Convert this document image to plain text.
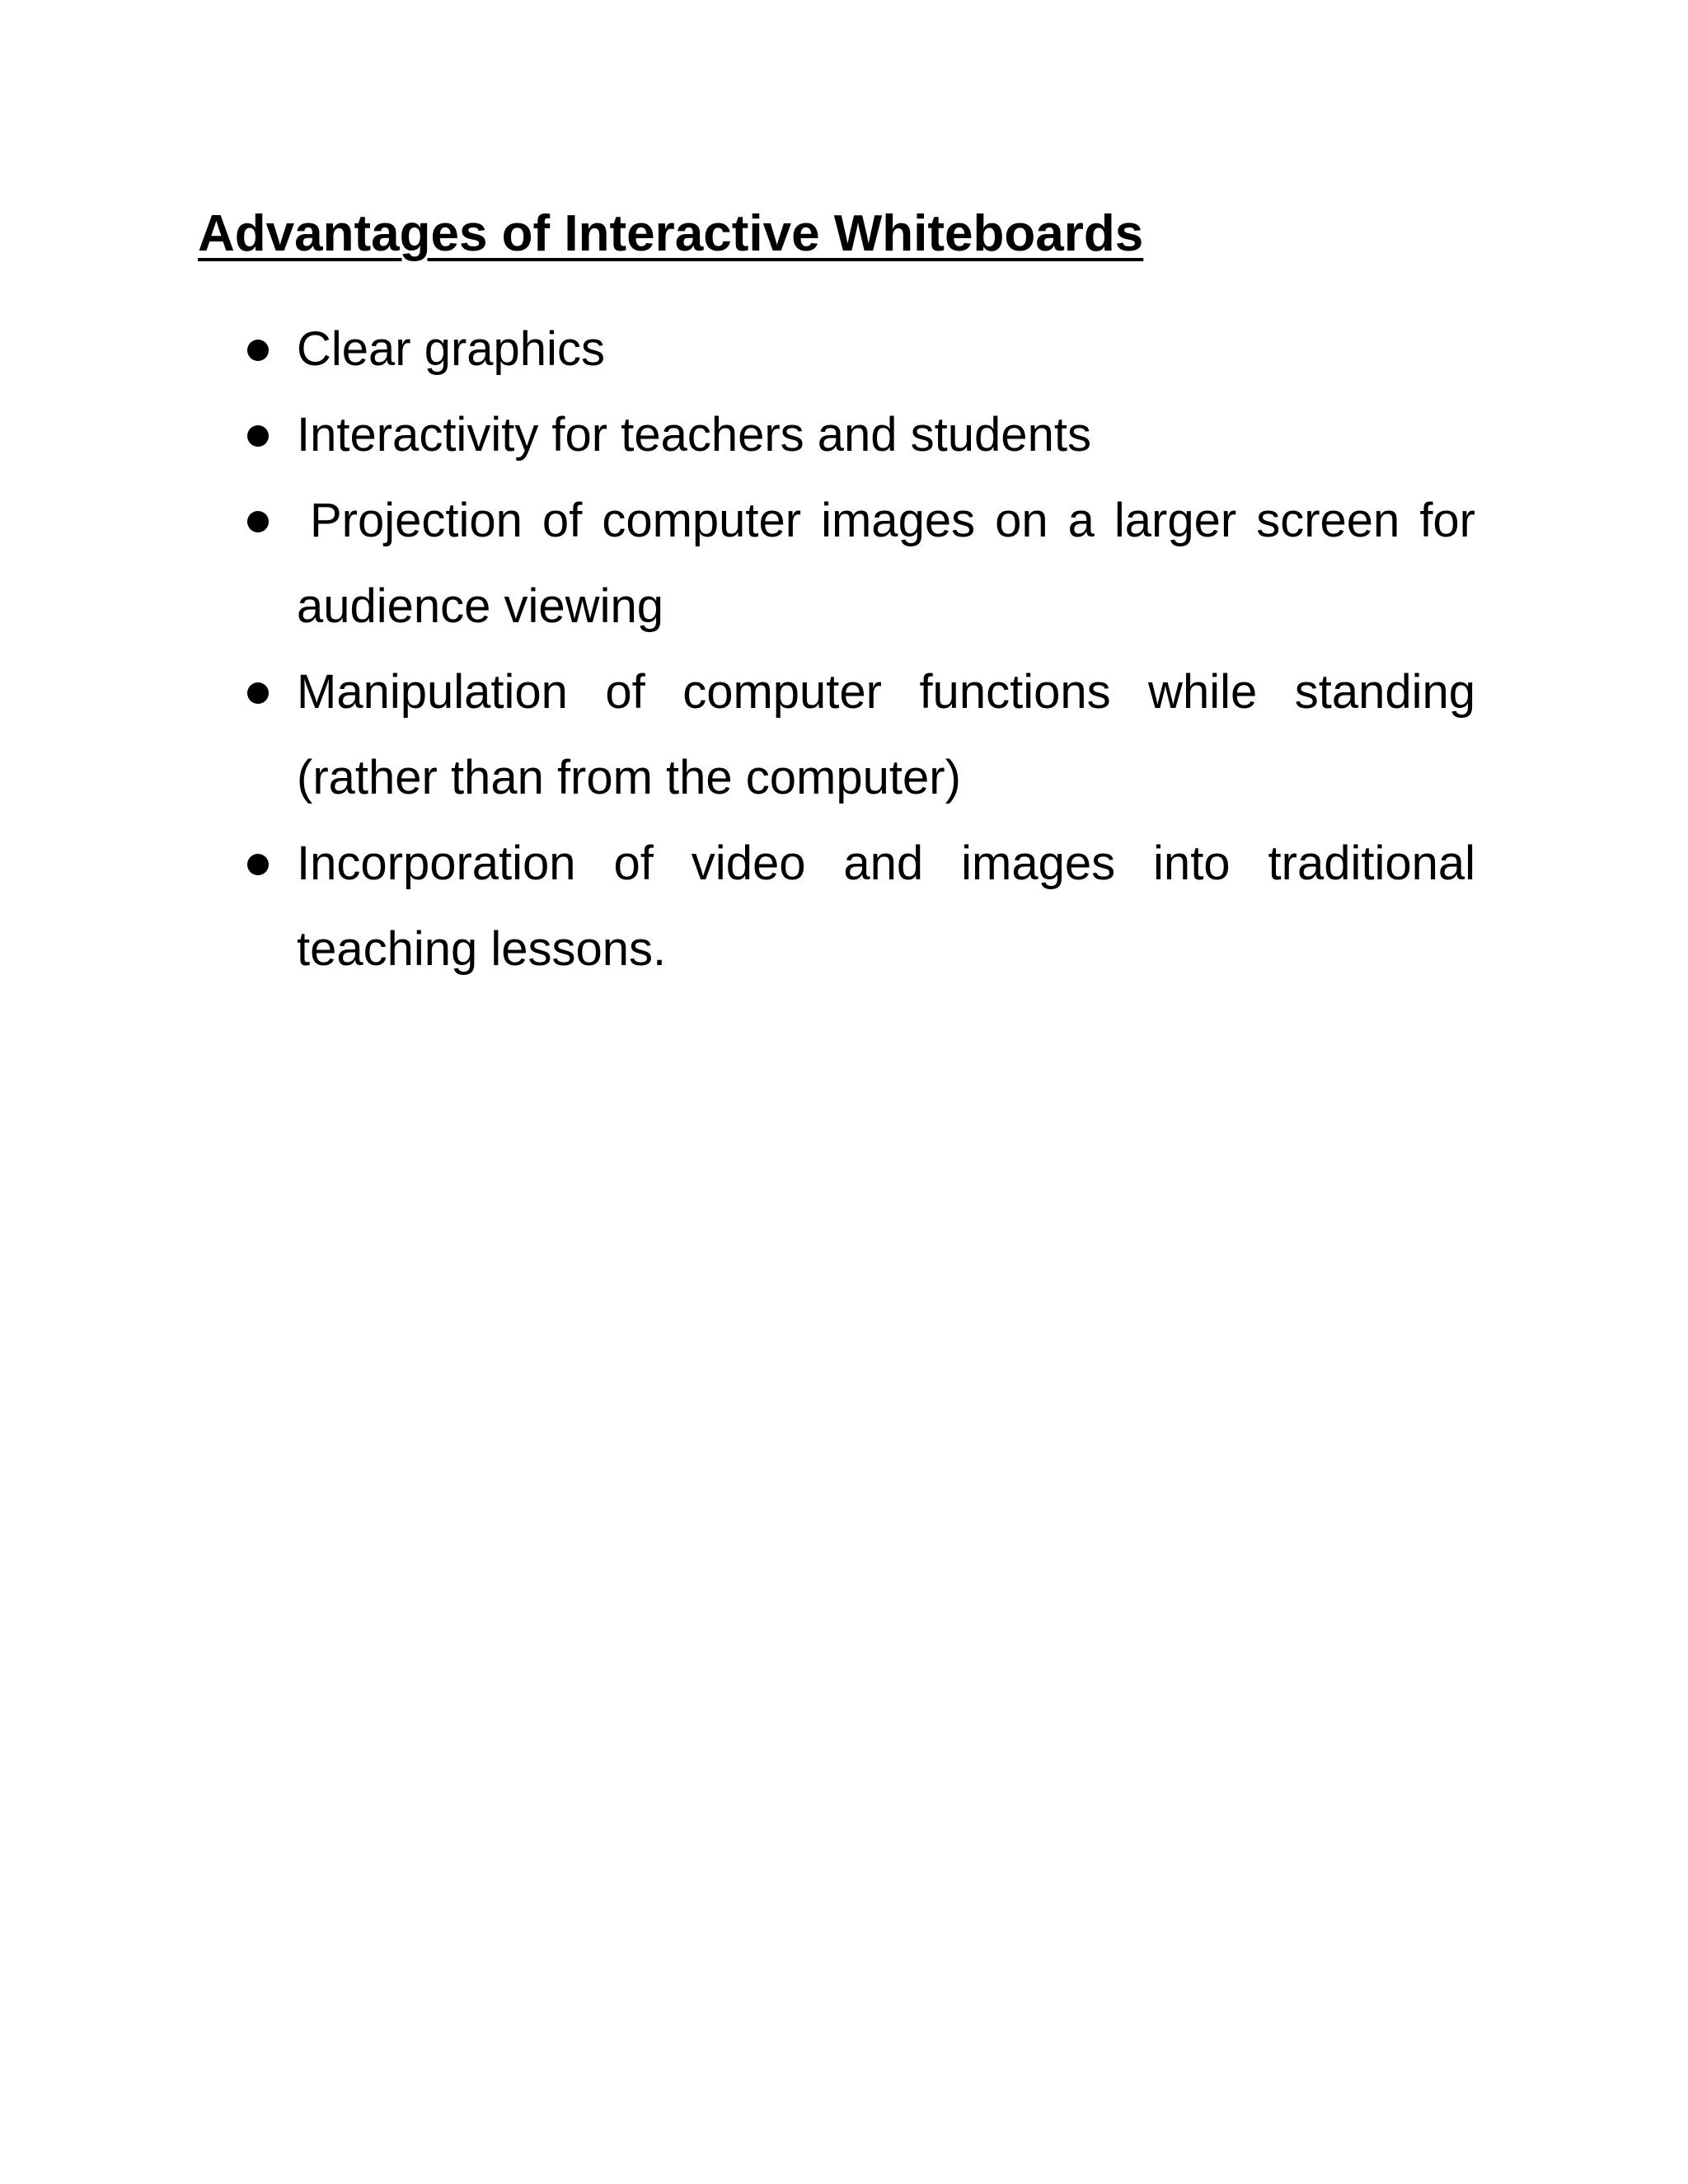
Advantages of Interactive Whiteboards
Clear graphics
Interactivity for teachers and students
Projection of computer images on a larger screen for audience viewing
Manipulation of computer functions while standing (rather than from the computer)
Incorporation of video and images into traditional teaching lessons.
